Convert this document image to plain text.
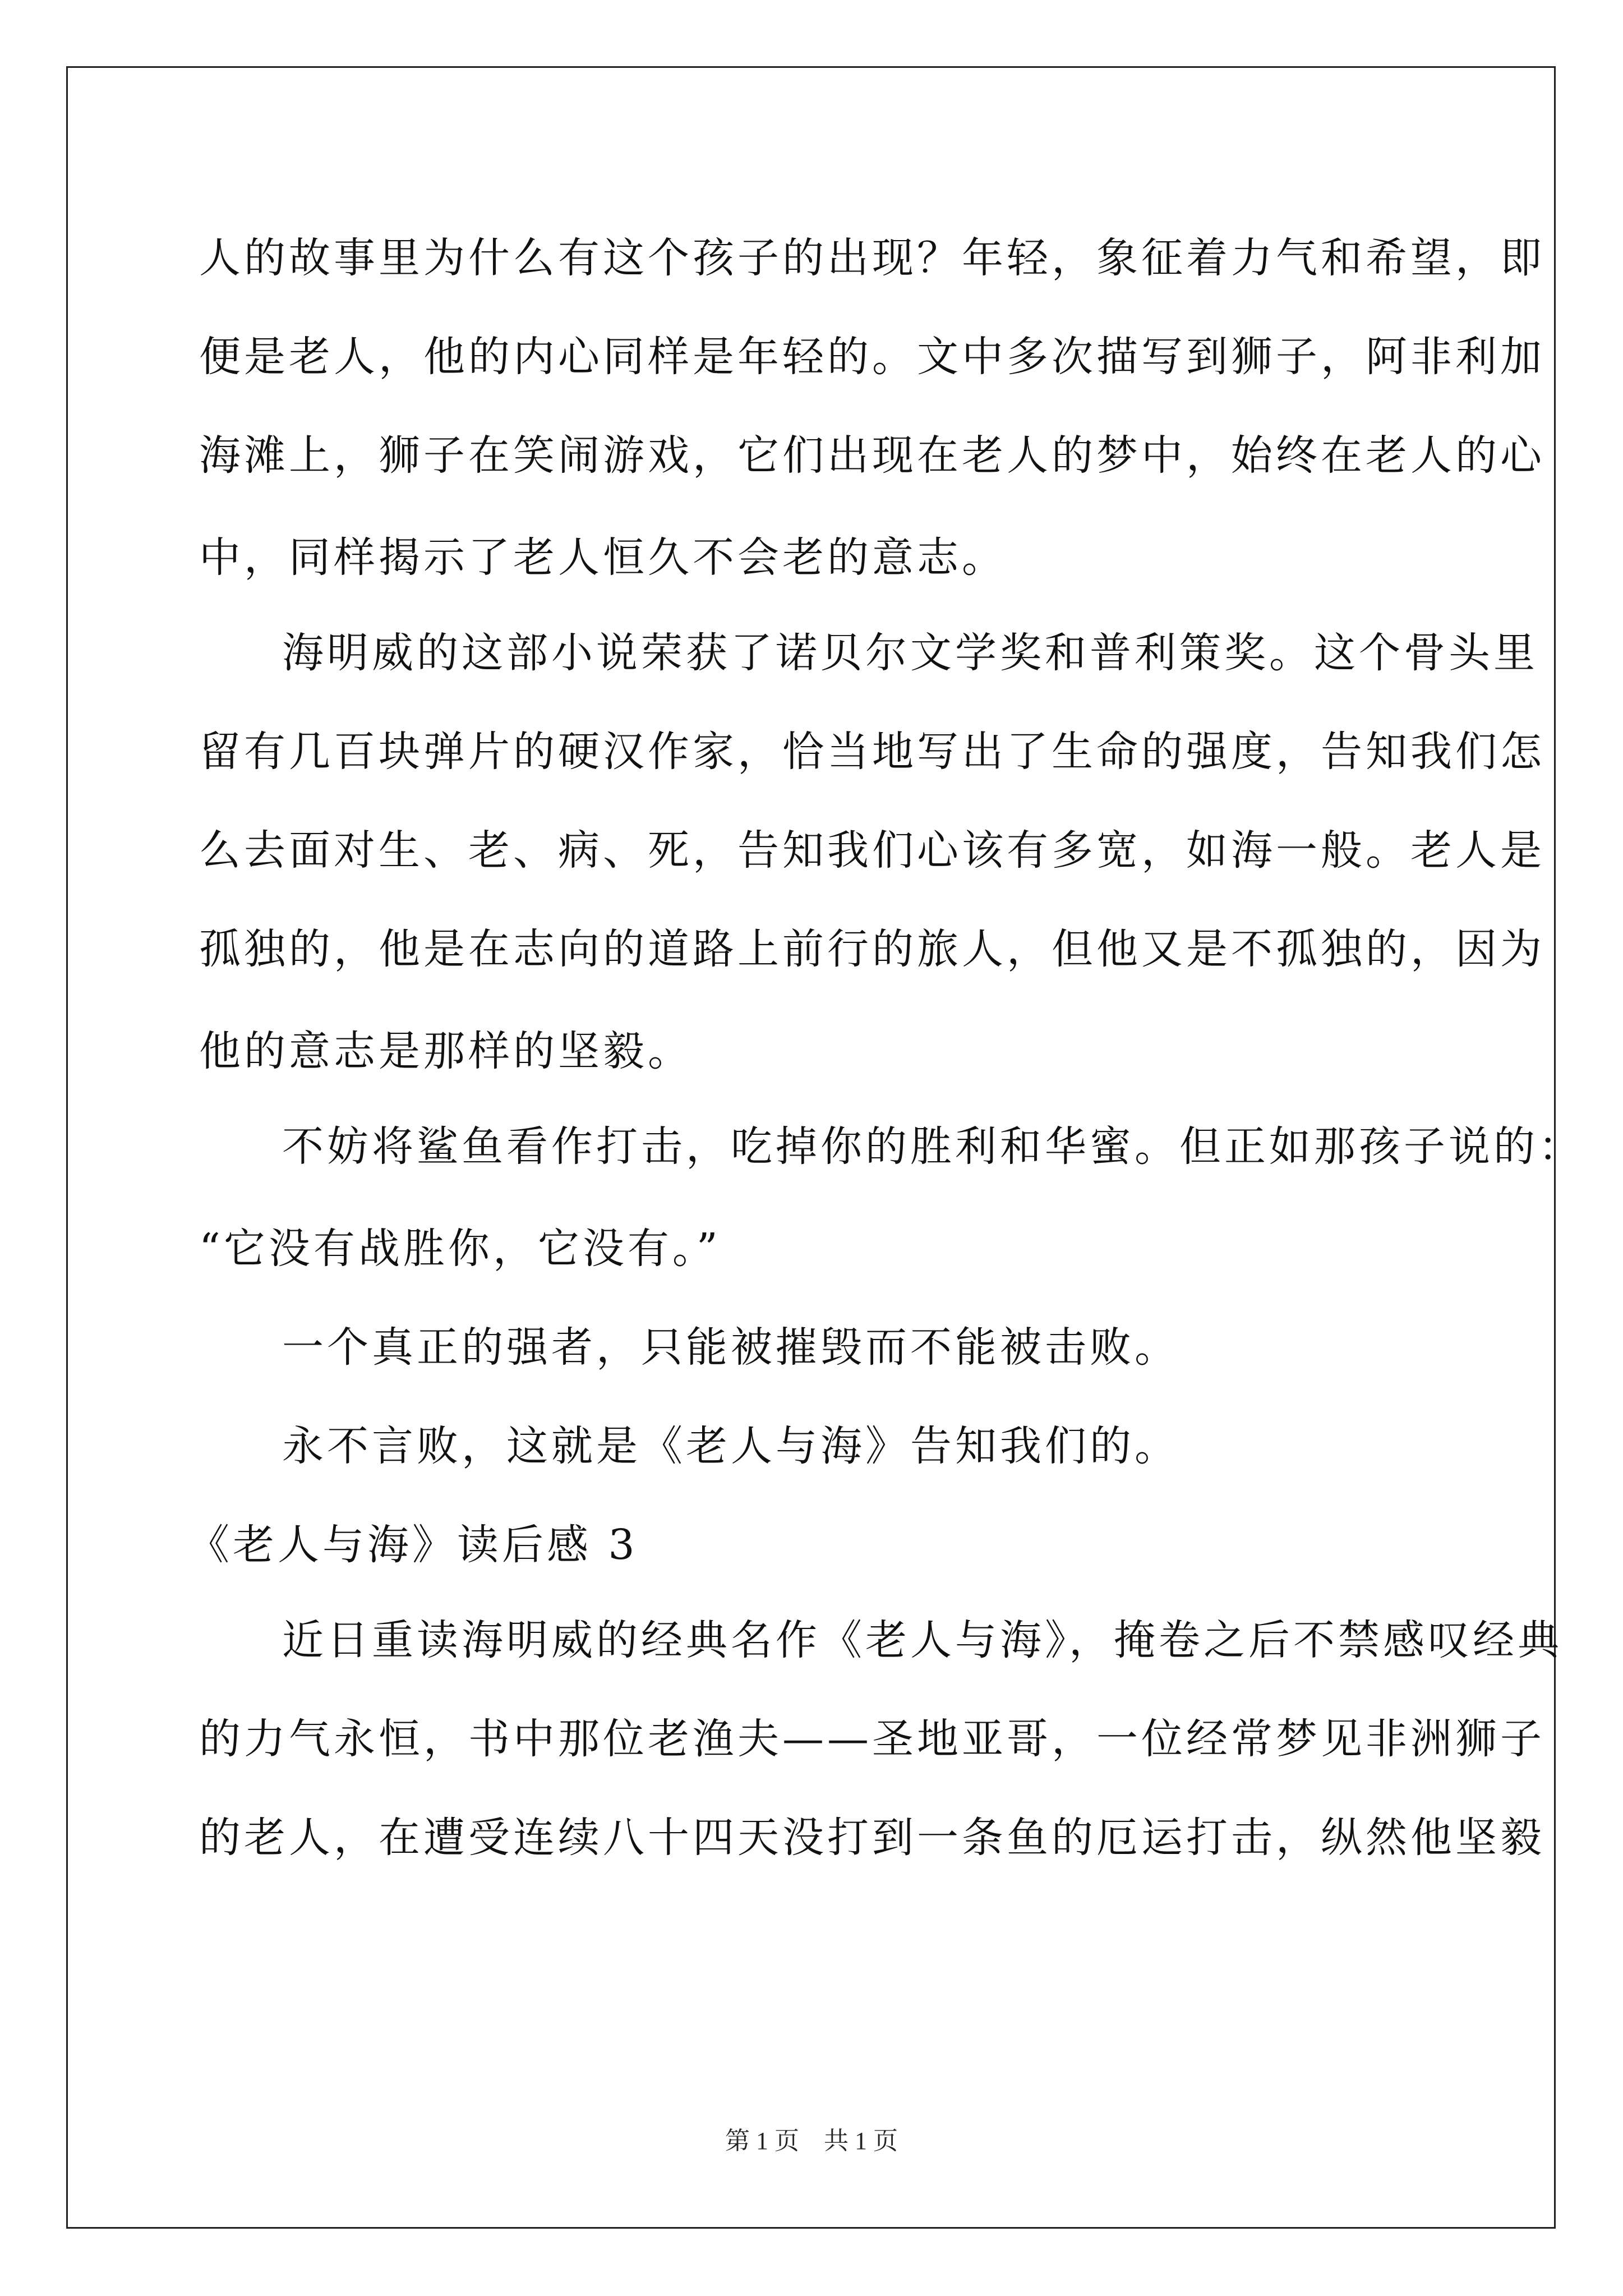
人的故事里为什么有这个孩子的出现？年轻，象征着力气和希望，即
便是老人，他的内心同样是年轻的。文中多次描写到狮子，阿非利加
海滩上，狮子在笑闹游戏，它们出现在老人的梦中，始终在老人的心
中，同样揭示了老人恒久不会老的意志。
海明威的这部小说荣获了诺贝尔文学奖和普利策奖。这个骨头里
留有几百块弹片的硬汉作家，恰当地写出了生命的强度，告知我们怎
么去面对生、老、病、死，告知我们心该有多宽，如海一般。老人是
孤独的，他是在志向的道路上前行的旅人，但他又是不孤独的，因为
他的意志是那样的坚毅。
不妨将鲨鱼看作打击，吃掉你的胜利和华蜜。但正如那孩子说的：
“它没有战胜你，它没有。”
一个真正的强者，只能被摧毁而不能被击败。
永不言败，这就是《老人与海》告知我们的。
《老人与海》读后感 3
近日重读海明威的经典名作《老人与海》，掩卷之后不禁感叹经典
的力气永恒，书中那位老渔夫——圣地亚哥，一位经常梦见非洲狮子
的老人，在遭受连续八十四天没打到一条鱼的厄运打击，纵然他坚毅
第 1 页　共 1 页
